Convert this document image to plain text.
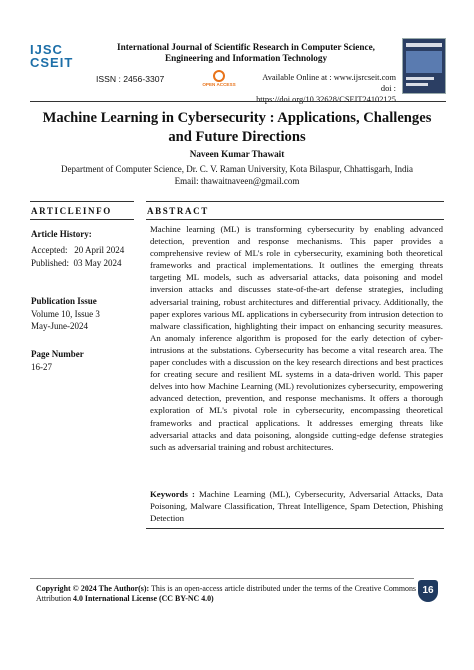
IJSC
CSEIT
International Journal of Scientific Research in Computer Science, Engineering and Information Technology
ISSN : 2456-3307
OPEN ACCESS
Available Online at : www.ijsrcseit.com
doi : https://doi.org/10.32628/CSEIT24102125
Machine Learning in Cybersecurity : Applications, Challenges and Future Directions
Naveen Kumar Thawait
Department of Computer Science, Dr. C. V. Raman University, Kota Bilaspur, Chhattisgarh, India
Email: thawaitnaveen@gmail.com
ARTICLEINFO	ABSTRACT
Article History:
Accepted:   20 April 2024
Published:  03 May 2024
Publication Issue
Volume 10, Issue 3
May-June-2024
Page Number
16-27
Machine learning (ML) is transforming cybersecurity by enabling advanced detection, prevention and response mechanisms. This paper provides a comprehensive review of ML's role in cybersecurity, examining both theoretical frameworks and practical implementations. It outlines the emerging threats targeting ML models, such as adversarial attacks, data poisoning and model inversion attacks and discusses state-of-the-art defense strategies, including adversarial training, robust architectures and differential privacy. Additionally, the paper explores various ML applications in cybersecurity from intrusion detection to malware classification, highlighting their impact on enhancing security measures. An anomaly inference algorithm is proposed for the early detection of cyber-intrusions at the substations. Cybersecurity has become a vital research area. The paper concludes with a discussion on the key research directions and best practices for creating secure and resilient ML systems in a data-driven world. This paper delves into how Machine Learning (ML) revolutionizes cybersecurity, empowering advanced detection, prevention, and response mechanisms. It offers a thorough exploration of ML's pivotal role in cybersecurity, encompassing theoretical frameworks and practical applications. It addresses emerging threats like adversarial attacks and data poisoning, alongside cutting-edge defense strategies such as adversarial training and robust architectures.
Keywords : Machine Learning (ML), Cybersecurity, Adversarial Attacks, Data Poisoning, Malware Classification, Threat Intelligence, Spam Detection, Phishing Detection
Copyright © 2024 The Author(s): This is an open-access article distributed under the terms of the Creative Commons Attribution 4.0 International License (CC BY-NC 4.0)
16
